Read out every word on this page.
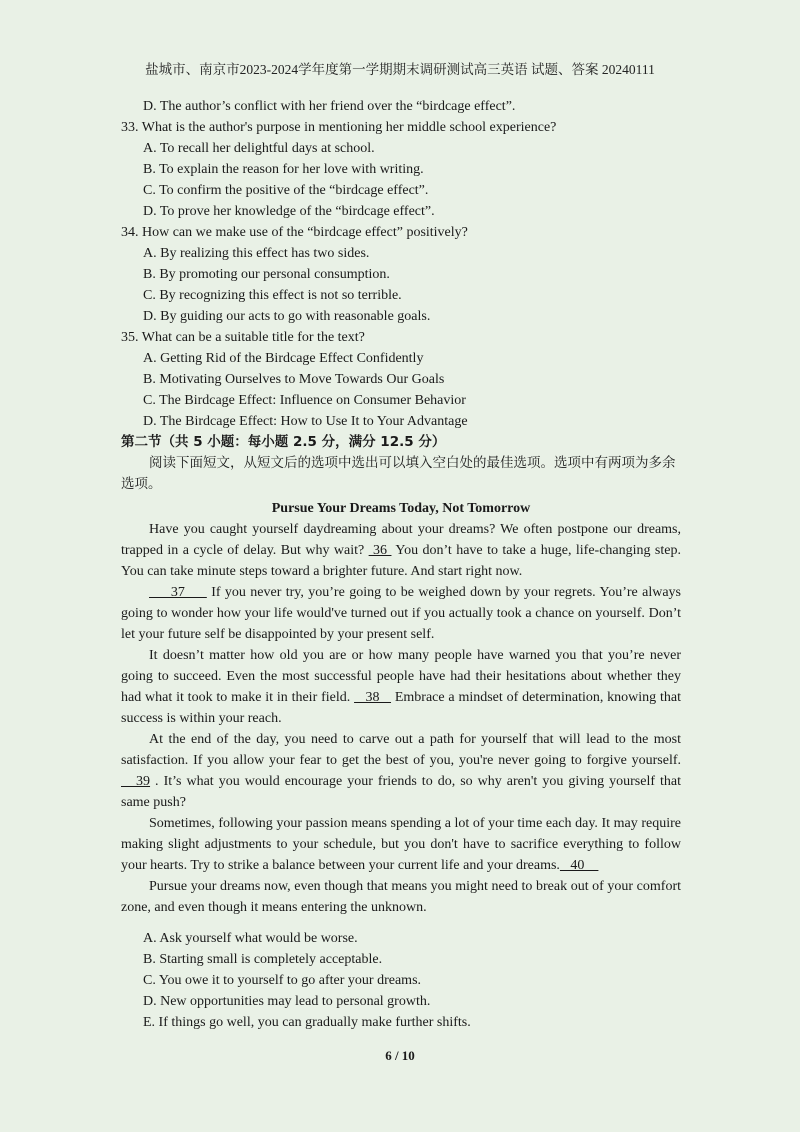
盐城市、南京市2023-2024学年度第一学期期末调研测试高三英语 试题、答案 20240111
D. The author’s conflict with her friend over the “birdcage effect”.
33. What is the author's purpose in mentioning her middle school experience?
A. To recall her delightful days at school.
B. To explain the reason for her love with writing.
C. To confirm the positive of the “birdcage effect”.
D. To prove her knowledge of the “birdcage effect”.
34. How can we make use of the “birdcage effect” positively?
A. By realizing this effect has two sides.
B. By promoting our personal consumption.
C. By recognizing this effect is not so terrible.
D. By guiding our acts to go with reasonable goals.
35. What can be a suitable title for the text?
A. Getting Rid of the Birdcage Effect Confidently
B. Motivating Ourselves to Move Towards Our Goals
C. The Birdcage Effect: Influence on Consumer Behavior
D. The Birdcage Effect: How to Use It to Your Advantage
第二节（共 5 小题：每小题 2.5 分，满分 12.5 分）
阅读下面短文，从短文后的选项中选出可以填入空白处的最佳选项。选项中有两项为多余选项。
Pursue Your Dreams Today, Not Tomorrow
Have you caught yourself daydreaming about your dreams? We often postpone our dreams, trapped in a cycle of delay. But why wait?  36  You don’t have to take a huge, life-changing step. You can take minute steps toward a brighter future. And start right now.
37      If you never try, you’re going to be weighed down by your regrets. You’re always going to wonder how your life would've turned out if you actually took a chance on yourself. Don’t let your future self be disappointed by your present self.
It doesn’t matter how old you are or how many people have warned you that you’re never going to succeed. Even the most successful people have had their hesitations about whether they had what it took to make it in their field.    38    Embrace a mindset of determination, knowing that success is within your reach.
At the end of the day, you need to carve out a path for yourself that will lead to the most satisfaction. If you allow your fear to get the best of you, you're never going to forgive yourself.   39 . It’s what you would encourage your friends to do, so why aren't you giving yourself that same push?
Sometimes, following your passion means spending a lot of your time each day. It may require making slight adjustments to your schedule, but you don't have to sacrifice everything to follow your hearts. Try to strike a balance between your current life and your dreams.   40
Pursue your dreams now, even though that means you might need to break out of your comfort zone, and even though it means entering the unknown.
A. Ask yourself what would be worse.
B. Starting small is completely acceptable.
C. You owe it to yourself to go after your dreams.
D. New opportunities may lead to personal growth.
E. If things go well, you can gradually make further shifts.
6 / 10
